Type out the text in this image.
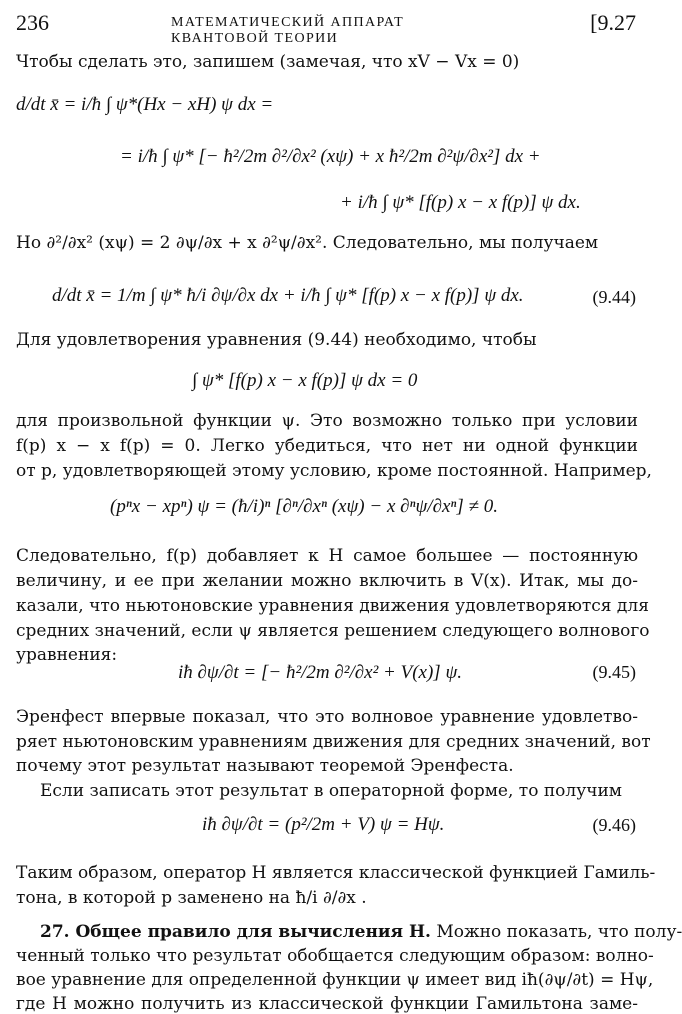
236	МАТЕМАТИЧЕСКИЙ АППАРАТ КВАНТОВОЙ ТЕОРИИ
[9.27
Чтобы сделать это, запишем (замечая, что xV − Vx = 0)
d/dt x̄ = i/ħ ∫ ψ*(Hx − xH) ψ dx =
= i/ħ ∫ ψ* [− ħ²/2m ∂²/∂x² (xψ) + x ħ²/2m ∂²ψ/∂x²] dx +
+ i/ħ ∫ ψ* [f(p) x − x f(p)] ψ dx.
Но ∂²/∂x² (xψ) = 2 ∂ψ/∂x + x ∂²ψ/∂x². Следовательно, мы получаем
d/dt x̄ = 1/m ∫ ψ* ħ/i ∂ψ/∂x dx + i/ħ ∫ ψ* [f(p) x − x f(p)] ψ dx.	(9.44)
Для удовлетворения уравнения (9.44) необходимо, чтобы
∫ ψ* [f(p) x − x f(p)] ψ dx = 0
для произвольной функции ψ. Это возможно только при условии
f(p) x − x f(p) = 0. Легко убедиться, что нет ни одной функции
от p, удовлетворяющей этому условию, кроме постоянной. Например,
(pⁿx − xpⁿ) ψ = (ħ/i)ⁿ [∂ⁿ/∂xⁿ (xψ) − x ∂ⁿψ/∂xⁿ] ≠ 0.
Следовательно, f(p) добавляет к H самое большее — постоянную
величину, и ее при желании можно включить в V(x). Итак, мы до-
казали, что ньютоновские уравнения движения удовлетворяются для
средних значений, если ψ является решением следующего волнового
уравнения:
iħ ∂ψ/∂t = [− ħ²/2m ∂²/∂x² + V(x)] ψ.	(9.45)
Эренфест впервые показал, что это волновое уравнение удовлетво-
ряет ньютоновским уравнениям движения для средних значений, вот
почему этот результат называют теоремой Эренфеста.
Если записать этот результат в операторной форме, то получим
iħ ∂ψ/∂t = (p²/2m + V) ψ = Hψ.	(9.46)
Таким образом, оператор H является классической функцией Гамиль-
тона, в которой p заменено на ħ/i ∂/∂x .
27. Общее правило для вычисления H. Можно показать, что полу-
ченный только что результат обобщается следующим образом: волно-
вое уравнение для определенной функции ψ имеет вид iħ(∂ψ/∂t) = Hψ,
где H можно получить из классической функции Гамильтона заме-
